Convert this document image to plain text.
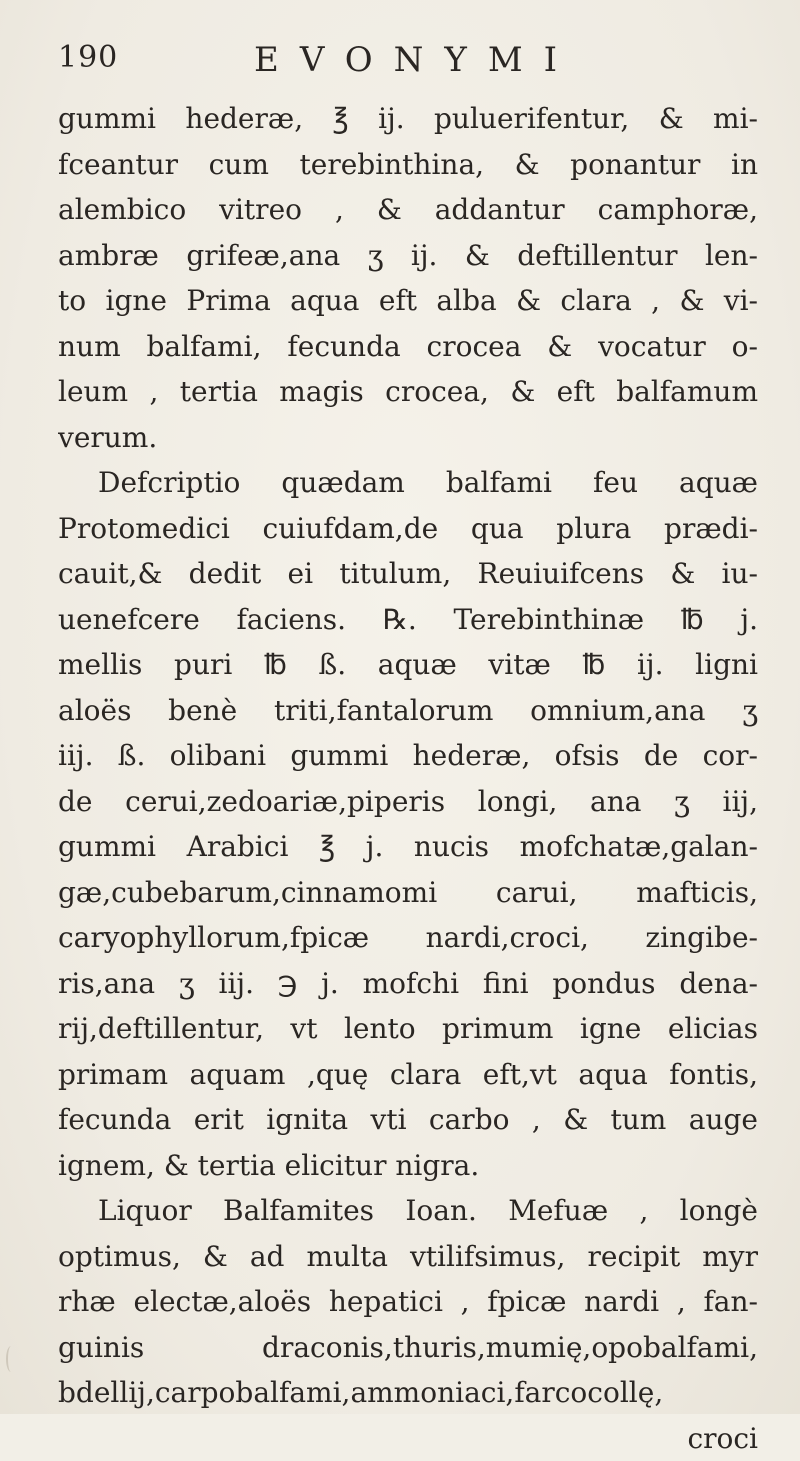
190	EVONYMI
gummi hederæ, ℥ ij. puluerifentur, & mi-
fceantur cum terebinthina, & ponantur in
alembico vitreo , & addantur camphoræ,
ambræ grifeæ,ana ʒ ij. & deftillentur len-
to igne Prima aqua eft alba & clara , & vi-
num balfami, fecunda crocea & vocatur o-
leum , tertia magis crocea, & eft balfamum
verum.
Defcriptio quædam balfami feu aquæ
Protomedici cuiufdam,de qua plura prædi-
cauit,& dedit ei titulum, Reuiuifcens & iu-
uenefcere faciens. ℞. Terebinthinæ ℔ j.
mellis puri ℔ ß. aquæ vitæ ℔ ij. ligni
aloës benè triti,fantalorum omnium,ana ʒ
iij. ß. olibani gummi hederæ, ofsis de cor-
de cerui,zedoariæ,piperis longi, ana ʒ iij,
gummi Arabici ℥ j. nucis mofchatæ,galan-
gæ,cubebarum,cinnamomi carui, mafticis,
caryophyllorum,fpicæ nardi,croci, zingibe-
ris,ana ʒ iij. ℈ j. mofchi fini pondus dena-
rij,deftillentur, vt lento primum igne elicias
primam aquam ,quę clara eft,vt aqua fontis,
fecunda erit ignita vti carbo , & tum auge
ignem, & tertia elicitur nigra.
Liquor Balfamites Ioan. Mefuæ , longè
optimus, & ad multa vtilifsimus, recipit myr
rhæ electæ,aloës hepatici , fpicæ nardi , fan-
guinis draconis,thuris,mumię,opobalfami,
bdellij,carpobalfami,ammoniaci,farcocollę,
croci
